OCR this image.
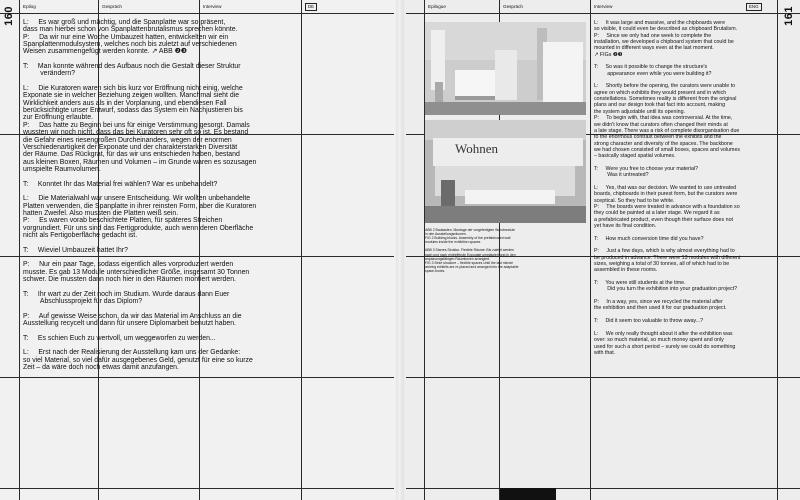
160 Epilog	Gespräch	Interview	DE

L:     Es war groß und mächtig, und die Spanplatte war so präsent,

dass man hierbei schon von Spanplattenbrutalismus sprechen könnte.

P:     Da wir nur eine Woche Umbauzeit hatten, entwickelten wir ein

Spanplattenmodulsystem, welches noch bis zuletzt auf verschiedenen

Weisen zusammengefügt werden konnte. ↗ ABB ❷❸

T:     Man konnte während des Aufbaus noch die Gestalt dieser Struktur

verändern?

L:     Die Kuratoren waren sich bis kurz vor Eröffnung nicht einig, welche

Exponate sie in welcher Beziehung zeigen wollten. Manchmal sieht die

Wirklichkeit anders aus als in der Vorplanung, und ebendiesen Fall

berücksichtigte unser Entwurf, sodass das System ein Nachjustieren bis

zur Eröffnung erlaubte.

P:     Das hatte zu Beginn bei uns für einige Verstimmung gesorgt. Damals

wussten wir noch nicht, dass das bei Kuratoren sehr oft so ist. Es bestand

die Gefahr eines riesengroßen Durcheinanders, wegen der enormen

Verschiedenartigkeit der Exponate und der charakterstarken Diversität

der Räume. Das Rückgrat, für das wir uns entschieden haben, bestand

aus kleinen Boxen, Räumen und Volumen – im Grunde waren es sozusagen

umspielte Raumvolumen.

T:     Konntet Ihr das Material frei wählen? War es unbehandelt?

L:     Die Materialwahl war unsere Entscheidung. Wir wollten unbehandelte

Platten verwenden, die Spanplatte in ihrer reinsten Form, aber die Kuratoren

hatten Zweifel. Also mussten die Platten weiß sein.

P:     Es waren vorab beschichtete Platten, für späteres Streichen

vorgrundiert. Für uns sind das Fertigprodukte, auch wenn deren Oberfläche

nicht als Fertigoberfläche gedacht ist.

T:     Wieviel Umbauzeit hattet Ihr?

P:     Nur ein paar Tage, sodass eigentlich alles vorproduziert werden

musste. Es gab 13 Module unterschiedlicher Größe, insgesamt 30 Tonnen

schwer. Die mussten dann noch hier in den Räumen montiert werden.

T:     Ihr wart zu der Zeit noch im Studium. Wurde daraus dann Euer

Abschlussprojekt für das Diplom?

P:     Auf gewisse Weise schon, da wir das Material im Anschluss an die

Ausstellung recycelt und dann für unsere Diplomarbeit benutzt haben.

T:     Es schien Euch zu wertvoll, um weggeworfen zu werden...

L:     Erst nach der Realisierung der Ausstellung kam uns der Gedanke:

so viel Material, so viel dafür ausgegebenes Geld, genutzt für eine so kurze

Zeit – da wäre doch noch etwas damit anzufangen.

Epilogue	Gespräch	Interview	ENG 161
Wohnen

ABB 2 Baukasten. Montage der vorgefertigten Wandmodule

in den Ausstellungsräumen.

FIG 2 Building blocks. Assembly of the prefabricated wall

modules inside the exhibition spaces.

ABB 3 Starres Struktur. Flexible Räume: Bis zuletzt werden

nach und nach eintreffende Exponate umplatziert und in den

anpassungsfähigen Raumboxen arrangiert.

FIG 3 Strict structure – flexible spaces Until the last minute

arriving exhibits are re-placed and arranged into the adaptable

space-boxes.

L:     It was large and massive, and the chipboards were

so visible, it could even be described as chipboard Brutalism.

P:     Since we only had one week to complete the

installation, we developed a chipboard system that could be

mounted in different ways even at the last moment.

↗ FIGs ❷❸

T:     So was it possible to change the structure's

appearance even while you were building it?

L:     Shortly before the opening, the curators were unable to

agree on which exhibits they would present and in which

constellations. Sometimes reality is different from the original

plans and our design took that fact into account, making

the system adjustable until its opening.

P:     To begin with, that idea was controversial. At the time,

we didn't know that curators often changed their minds at

a late stage. There was a risk of complete disorganisation due

to the enormous contrast between the exhibits and the

strong character and diversity of the spaces. The backbone

we had chosen consisted of small boxes, spaces and volumes

– basically staged spatial volumes.

T:     Were you free to choose your material?

Was it untreated?

L:     Yes, that was our decision. We wanted to use untreated

boards, chipboards in their purest form, but the curators were

sceptical. So they had to be white.

P:     The boards were treated in advance with a foundation so

they could be painted at a later stage. We regard it as

a prefabricated product, even though their surface does not

yet have its final condition.

T:     How much conversion time did you have?

P:     Just a few days, which is why almost everything had to

be produced in advance. There were 13 modules with different

sizes, weighing a total of 30 tonnes, all of which had to be

assembled in these rooms.

T:     You were still students at the time.

Did you turn the exhibition into your graduation project?

P:     In a way, yes, since we recycled the material after

the exhibition and then used it for our graduation project.

T:     Did it seem too valuable to throw away...?

L:     We only really thought about it after the exhibition was

over: so much material, so much money spent and only

used for such a short period – surely we could do something

with that.
